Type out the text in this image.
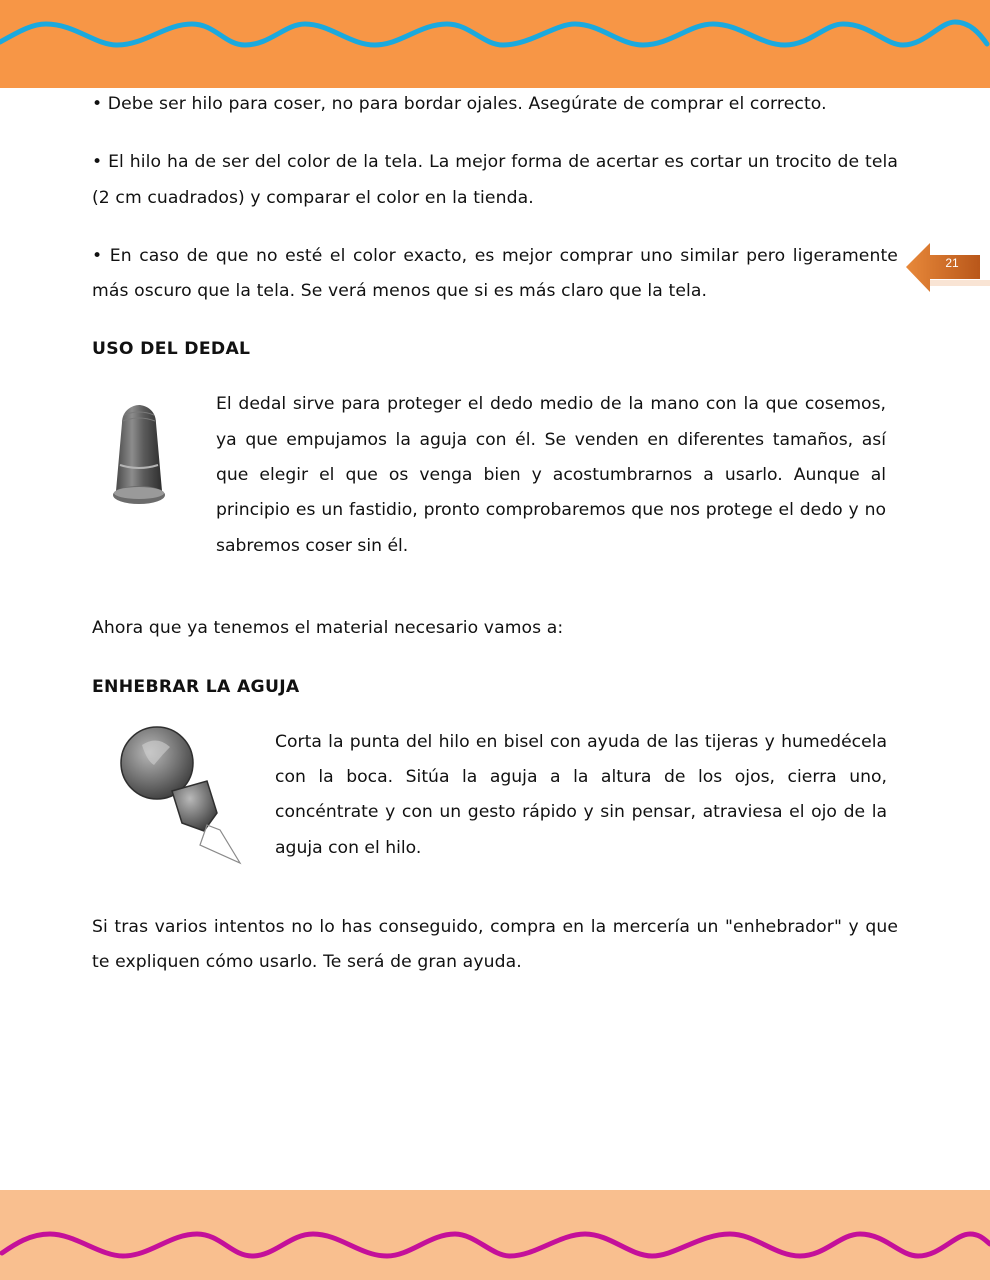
21

• Debe ser hilo para coser, no para bordar ojales. Asegúrate de comprar el correcto.

• El hilo ha de ser del color de la tela. La mejor forma de acertar es cortar un trocito de tela (2 cm cuadrados) y comparar el color en la tienda.

• En caso de que no esté el color exacto, es mejor comprar uno similar pero ligeramente más oscuro que la tela. Se verá menos que si es más claro que la tela.

USO DEL DEDAL

El dedal sirve para proteger el dedo medio de la mano con la que cosemos, ya que empujamos la aguja con él. Se venden en diferentes tamaños, así que elegir el que os venga bien y acostumbrarnos a usarlo. Aunque al principio es un fastidio, pronto comprobaremos que nos protege el dedo y no sabremos coser sin él.

Ahora que ya tenemos el material necesario vamos a:

ENHEBRAR LA AGUJA

Corta la punta del hilo en bisel con ayuda de las tijeras y humedécela con la boca. Sitúa la aguja a la altura de los ojos, cierra uno, concéntrate y con un gesto rápido y sin pensar, atraviesa el ojo de la aguja con el hilo.

Si tras varios intentos no lo has conseguido, compra en la mercería un "enhebrador" y que te expliquen cómo usarlo. Te será de gran ayuda.
